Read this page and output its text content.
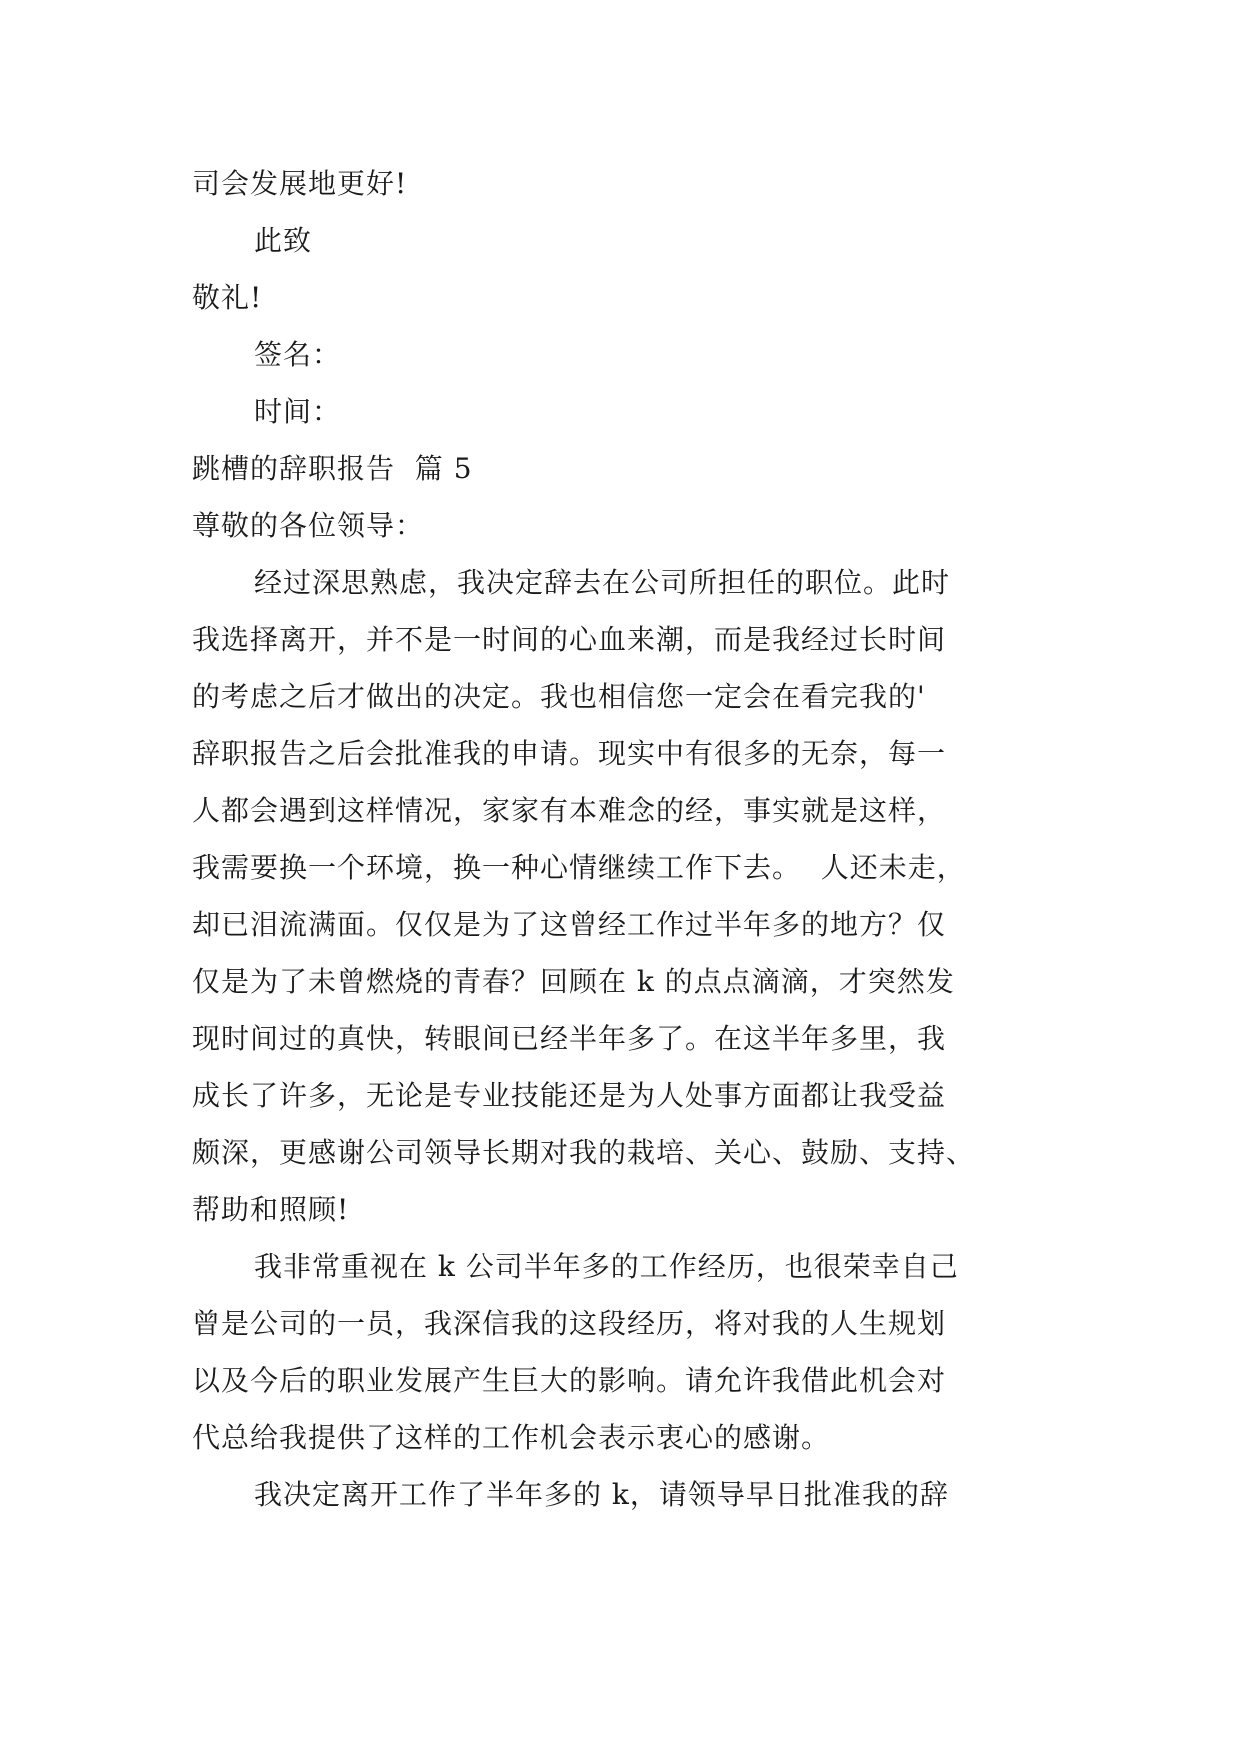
司会发展地更好!
此致
敬礼!
签名：
时间：
跳槽的辞职报告  篇 5
尊敬的各位领导：
经过深思熟虑，我决定辞去在公司所担任的职位。此时
我选择离开，并不是一时间的心血来潮，而是我经过长时间
的考虑之后才做出的决定。我也相信您一定会在看完我的'
辞职报告之后会批准我的申请。现实中有很多的无奈，每一
人都会遇到这样情况，家家有本难念的经，事实就是这样，
我需要换一个环境，换一种心情继续工作下去。  人还未走，
却已泪流满面。仅仅是为了这曾经工作过半年多的地方？仅
仅是为了未曾燃烧的青春？回顾在 k 的点点滴滴，才突然发
现时间过的真快，转眼间已经半年多了。在这半年多里，我
成长了许多，无论是专业技能还是为人处事方面都让我受益
颇深，更感谢公司领导长期对我的栽培、关心、鼓励、支持、
帮助和照顾!
我非常重视在 k 公司半年多的工作经历，也很荣幸自己
曾是公司的一员，我深信我的这段经历，将对我的人生规划
以及今后的职业发展产生巨大的影响。请允许我借此机会对
代总给我提供了这样的工作机会表示衷心的感谢。
我决定离开工作了半年多的 k，请领导早日批准我的辞
